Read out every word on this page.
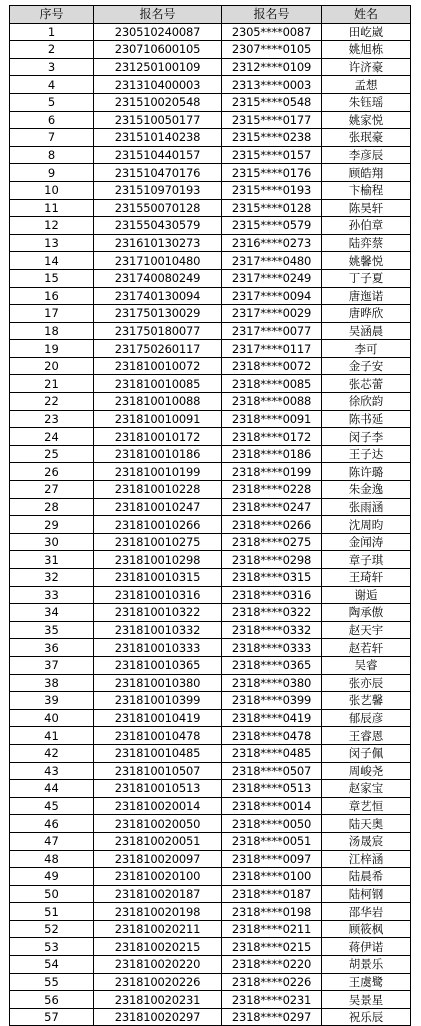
序号	报名号	报名号	姓名
1	230510240087	2305****0087	田屹崴
2	230710600105	2307****0105	姚旭栋
3	231250100109	2312****0109	许济豪
4	231310400003	2313****0003	孟想
5	231510020548	2315****0548	朱钰瑶
6	231510050177	2315****0177	姚家悦
7	231510140238	2315****0238	张珉豪
8	231510440157	2315****0157	李彦辰
9	231510470176	2315****0176	顾皓翔
10	231510970193	2315****0193	卞榆程
11	231550070128	2315****0128	陈昊轩
12	231550430579	2315****0579	孙伯章
13	231610130273	2316****0273	陆弈蔡
14	231710010480	2317****0480	姚馨悦
15	231740080249	2317****0249	丁子夏
16	231740130094	2317****0094	唐迤诺
17	231750130029	2317****0029	唐晔欣
18	231750180077	2317****0077	吴涵晨
19	231750260117	2317****0117	李可
20	231810010072	2318****0072	金子安
21	231810010085	2318****0085	张芯蕾
22	231810010088	2318****0088	徐欣韵
23	231810010091	2318****0091	陈书延
24	231810010172	2318****0172	闵子李
25	231810010186	2318****0186	王子达
26	231810010199	2318****0199	陈许璐
27	231810010228	2318****0228	朱金逸
28	231810010247	2318****0247	张雨涵
29	231810010266	2318****0266	沈周昀
30	231810010275	2318****0275	金闻涛
31	231810010298	2318****0298	章子琪
32	231810010315	2318****0315	王琦轩
33	231810010316	2318****0316	谢逅
34	231810010322	2318****0322	陶承傲
35	231810010332	2318****0332	赵天宇
36	231810010333	2318****0333	赵若轩
37	231810010365	2318****0365	吴睿
38	231810010380	2318****0380	张亦辰
39	231810010399	2318****0399	张艺馨
40	231810010419	2318****0419	郁辰彦
41	231810010478	2318****0478	王睿恩
42	231810010485	2318****0485	闵子佩
43	231810010507	2318****0507	周峻尧
44	231810010513	2318****0513	赵家宝
45	231810020014	2318****0014	章艺恒
46	231810020050	2318****0050	陆天奥
47	231810020051	2318****0051	汤晟宸
48	231810020097	2318****0097	江梓涵
49	231810020100	2318****0100	陆晨希
50	231810020187	2318****0187	陆柯钢
51	231810020198	2318****0198	邵华岩
52	231810020211	2318****0211	顾筱枫
53	231810020215	2318****0215	蒋伊诺
54	231810020220	2318****0220	胡景乐
55	231810020226	2318****0226	王虞鹭
56	231810020231	2318****0231	吴景星
57	231810020297	2318****0297	祝乐辰
